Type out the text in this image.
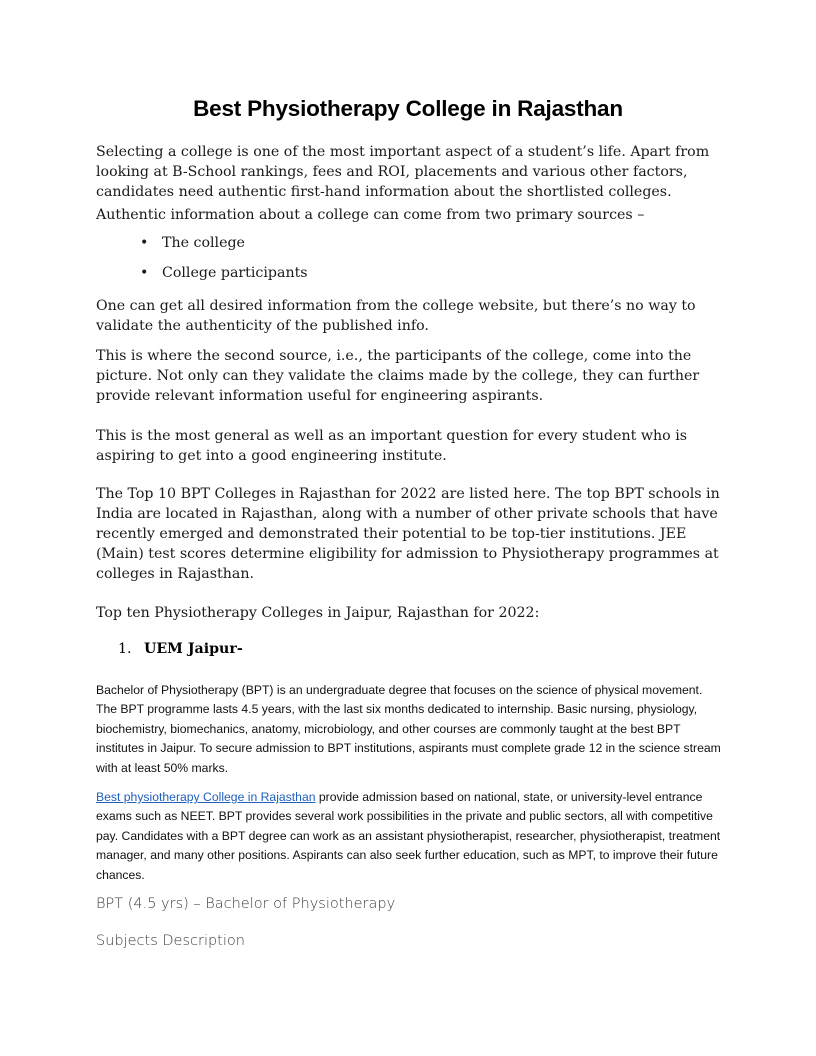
Best Physiotherapy College in Rajasthan

Selecting a college is one of the most important aspect of a student’s life. Apart from looking at B-School rankings, fees and ROI, placements and various other factors, candidates need authentic first-hand information about the shortlisted colleges.

Authentic information about a college can come from two primary sources –

• The college
• College participants

One can get all desired information from the college website, but there’s no way to validate the authenticity of the published info.

This is where the second source, i.e., the participants of the college, come into the picture. Not only can they validate the claims made by the college, they can further provide relevant information useful for engineering aspirants.

This is the most general as well as an important question for every student who is aspiring to get into a good engineering institute.

The Top 10 BPT Colleges in Rajasthan for 2022 are listed here. The top BPT schools in India are located in Rajasthan, along with a number of other private schools that have recently emerged and demonstrated their potential to be top-tier institutions. JEE (Main) test scores determine eligibility for admission to Physiotherapy programmes at colleges in Rajasthan.

Top ten Physiotherapy Colleges in Jaipur, Rajasthan for 2022:

1. UEM Jaipur-

Bachelor of Physiotherapy (BPT) is an undergraduate degree that focuses on the science of physical movement. The BPT programme lasts 4.5 years, with the last six months dedicated to internship. Basic nursing, physiology, biochemistry, biomechanics, anatomy, microbiology, and other courses are commonly taught at the best BPT institutes in Jaipur. To secure admission to BPT institutions, aspirants must complete grade 12 in the science stream with at least 50% marks.

Best physiotherapy College in Rajasthan provide admission based on national, state, or university-level entrance exams such as NEET. BPT provides several work possibilities in the private and public sectors, all with competitive pay. Candidates with a BPT degree can work as an assistant physiotherapist, researcher, physiotherapist, treatment manager, and many other positions. Aspirants can also seek further education, such as MPT, to improve their future chances.

BPT (4.5 yrs) – Bachelor of Physiotherapy

Subjects Description
